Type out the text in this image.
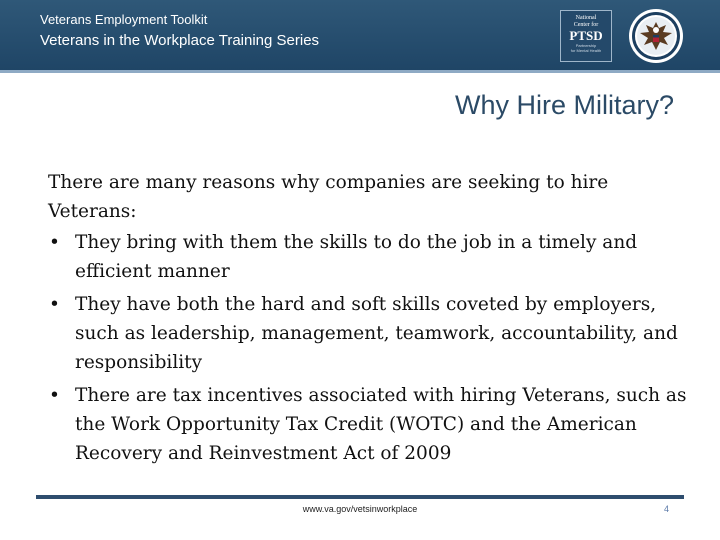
Veterans Employment Toolkit
Veterans in the Workplace Training Series
National
Center for
PTSD
Partnership
for Mental Health
Why Hire Military?

There are many reasons why companies are seeking to hire Veterans:

• They bring with them the skills to do the job in a timely and efficient manner
• They have both the hard and soft skills coveted by employers, such as leadership, management, teamwork, accountability, and responsibility
• There are tax incentives associated with hiring Veterans, such as the Work Opportunity Tax Credit (WOTC) and the American Recovery and Reinvestment Act of 2009
www.va.gov/vetsinworkplace	4
